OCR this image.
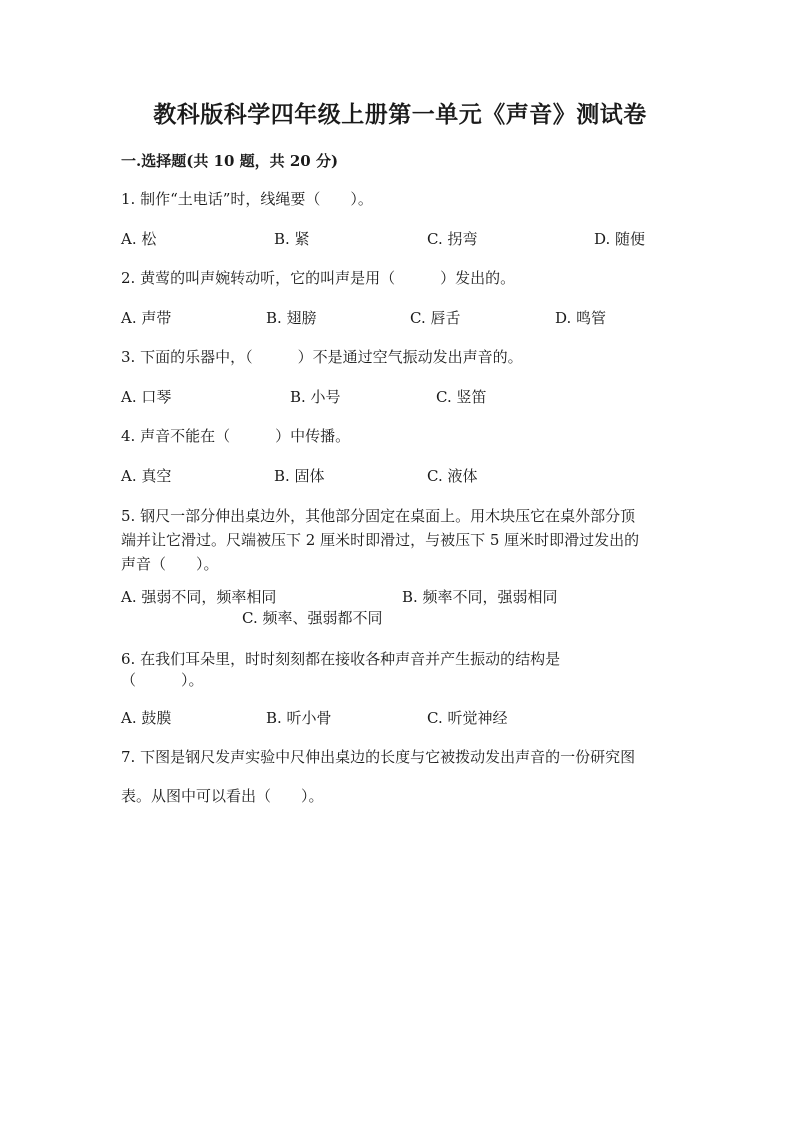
教科版科学四年级上册第一单元《声音》测试卷
一.选择题(共 10 题，共 20 分)
1. 制作“土电话”时，线绳要（　　）。
A. 松	B. 紧	C. 拐弯	D. 随便
2. 黄莺的叫声婉转动听，它的叫声是用（　　　）发出的。
A. 声带	B. 翅膀	C. 唇舌	D. 鸣管
3. 下面的乐器中，（　　　）不是通过空气振动发出声音的。
A. 口琴	B. 小号	C. 竖笛
4. 声音不能在（　　　）中传播。
A. 真空	B. 固体	C. 液体
5. 钢尺一部分伸出桌边外，其他部分固定在桌面上。用木块压它在桌外部分顶
端并让它滑过。尺端被压下 2 厘米时即滑过，与被压下 5 厘米时即滑过发出的
声音（　　）。
A. 强弱不同，频率相同	B. 频率不同，强弱相同
C. 频率、强弱都不同
6. 在我们耳朵里，时时刻刻都在接收各种声音并产生振动的结构是
（　　　）。
A. 鼓膜	B. 听小骨	C. 听觉神经
7. 下图是钢尺发声实验中尺伸出桌边的长度与它被拨动发出声音的一份研究图
表。从图中可以看出（　　）。
